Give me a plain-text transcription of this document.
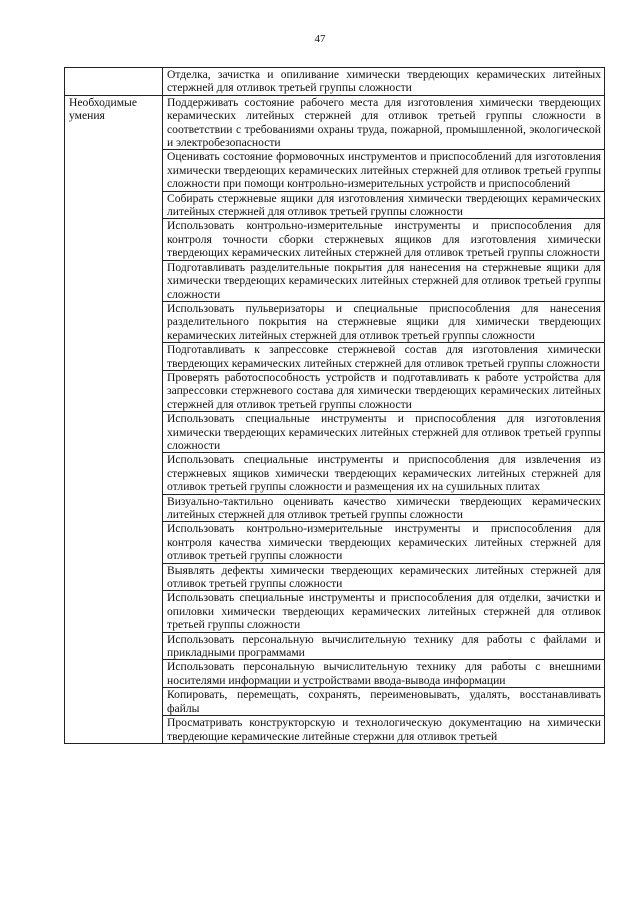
47
	Отделка, зачистка и опиливание химически твердеющих керамических литейных стержней для отливок третьей группы сложности
Необходимые умения	Поддерживать состояние рабочего места для изготовления химически твердеющих керамических литейных стержней для отливок третьей группы сложности в соответствии с требованиями охраны труда, пожарной, промышленной, экологической и электробезопасности
	Оценивать состояние формовочных инструментов и приспособлений для изготовления химически твердеющих керамических литейных стержней для отливок третьей группы сложности при помощи контрольно-измерительных устройств и приспособлений
	Собирать стержневые ящики для изготовления химически твердеющих керамических литейных стержней для отливок третьей группы сложности
	Использовать контрольно-измерительные инструменты и приспособления для контроля точности сборки стержневых ящиков для изготовления химически твердеющих керамических литейных стержней для отливок третьей группы сложности
	Подготавливать разделительные покрытия для нанесения на стержневые ящики для химически твердеющих керамических литейных стержней для отливок третьей группы сложности
	Использовать пульверизаторы и специальные приспособления для нанесения разделительного покрытия на стержневые ящики для химически твердеющих керамических литейных стержней для отливок третьей группы сложности
	Подготавливать к запрессовке стержневой состав для изготовления химически твердеющих керамических литейных стержней для отливок третьей группы сложности
	Проверять работоспособность устройств и подготавливать к работе устройства для запрессовки стержневого состава для химически твердеющих керамических литейных стержней для отливок третьей группы сложности
	Использовать специальные инструменты и приспособления для изготовления химически твердеющих керамических литейных стержней для отливок третьей группы сложности
	Использовать специальные инструменты и приспособления для извлечения из стержневых ящиков химически твердеющих керамических литейных стержней для отливок третьей группы сложности и размещения их на сушильных плитах
	Визуально-тактильно оценивать качество химически твердеющих керамических литейных стержней для отливок третьей группы сложности
	Использовать контрольно-измерительные инструменты и приспособления для контроля качества химически твердеющих керамических литейных стержней для отливок третьей группы сложности
	Выявлять дефекты химически твердеющих керамических литейных стержней для отливок третьей группы сложности
	Использовать специальные инструменты и приспособления для отделки, зачистки и опиловки химически твердеющих керамических литейных стержней для отливок третьей группы сложности
	Использовать персональную вычислительную технику для работы с файлами и прикладными программами
	Использовать персональную вычислительную технику для работы с внешними носителями информации и устройствами ввода-вывода информации
	Копировать, перемещать, сохранять, переименовывать, удалять, восстанавливать файлы
	Просматривать конструкторскую и технологическую документацию на химически твердеющие керамические литейные стержни для отливок третьей
